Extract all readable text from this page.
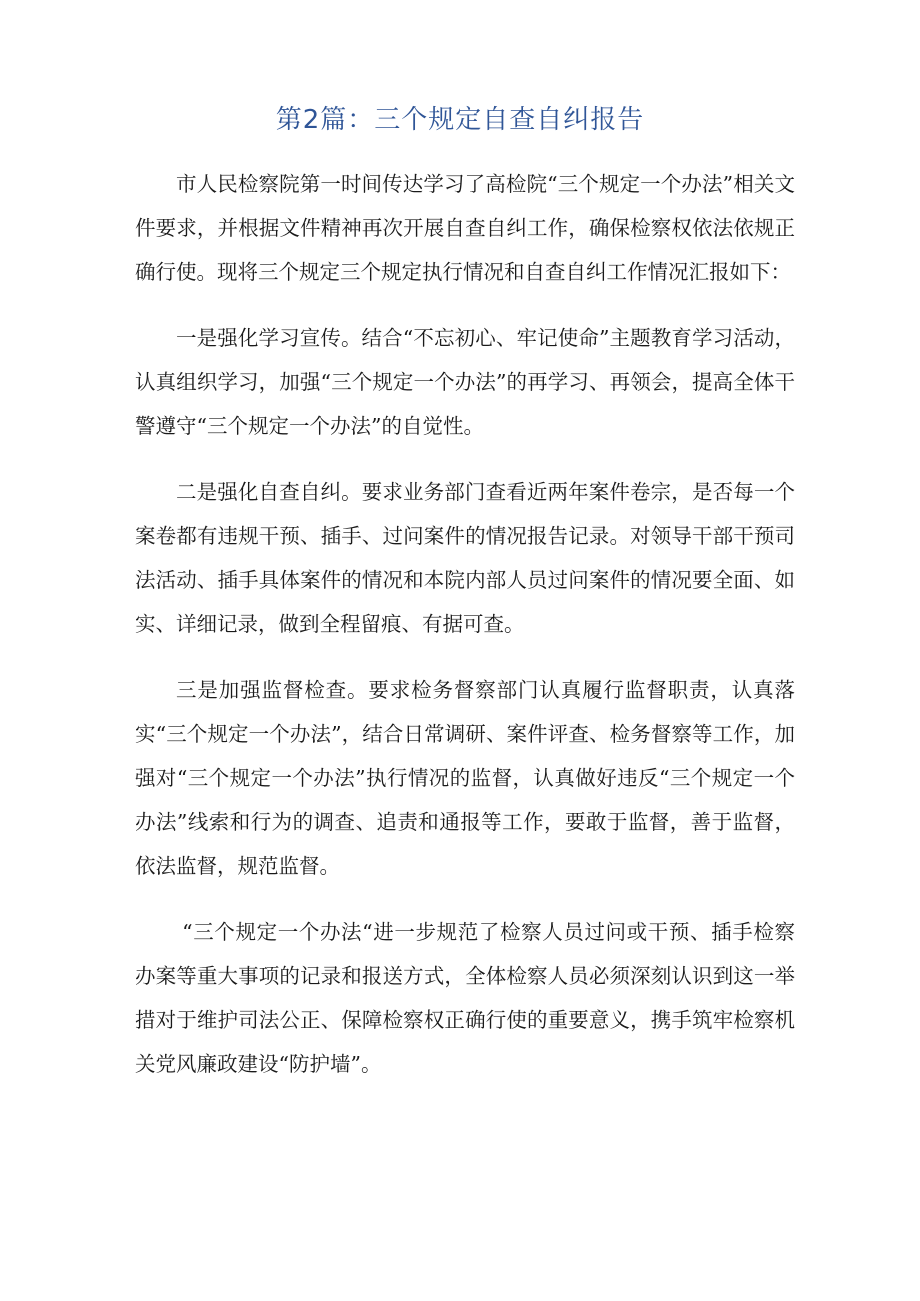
第2篇：三个规定自查自纠报告

市人民检察院第一时间传达学习了高检院“三个规定一个办法”相关文件要求，并根据文件精神再次开展自查自纠工作，确保检察权依法依规正确行使。现将三个规定三个规定执行情况和自查自纠工作情况汇报如下：

一是强化学习宣传。结合“不忘初心、牢记使命”主题教育学习活动，认真组织学习，加强“三个规定一个办法”的再学习、再领会，提高全体干警遵守“三个规定一个办法”的自觉性。

二是强化自查自纠。要求业务部门查看近两年案件卷宗，是否每一个案卷都有违规干预、插手、过问案件的情况报告记录。对领导干部干预司法活动、插手具体案件的情况和本院内部人员过问案件的情况要全面、如实、详细记录，做到全程留痕、有据可查。

三是加强监督检查。要求检务督察部门认真履行监督职责，认真落实“三个规定一个办法”，结合日常调研、案件评查、检务督察等工作，加强对“三个规定一个办法”执行情况的监督，认真做好违反“三个规定一个办法”线索和行为的调查、追责和通报等工作，要敢于监督，善于监督，依法监督，规范监督。

“三个规定一个办法“进一步规范了检察人员过问或干预、插手检察办案等重大事项的记录和报送方式，全体检察人员必须深刻认识到这一举措对于维护司法公正、保障检察权正确行使的重要意义，携手筑牢检察机关党风廉政建设“防护墙”。
